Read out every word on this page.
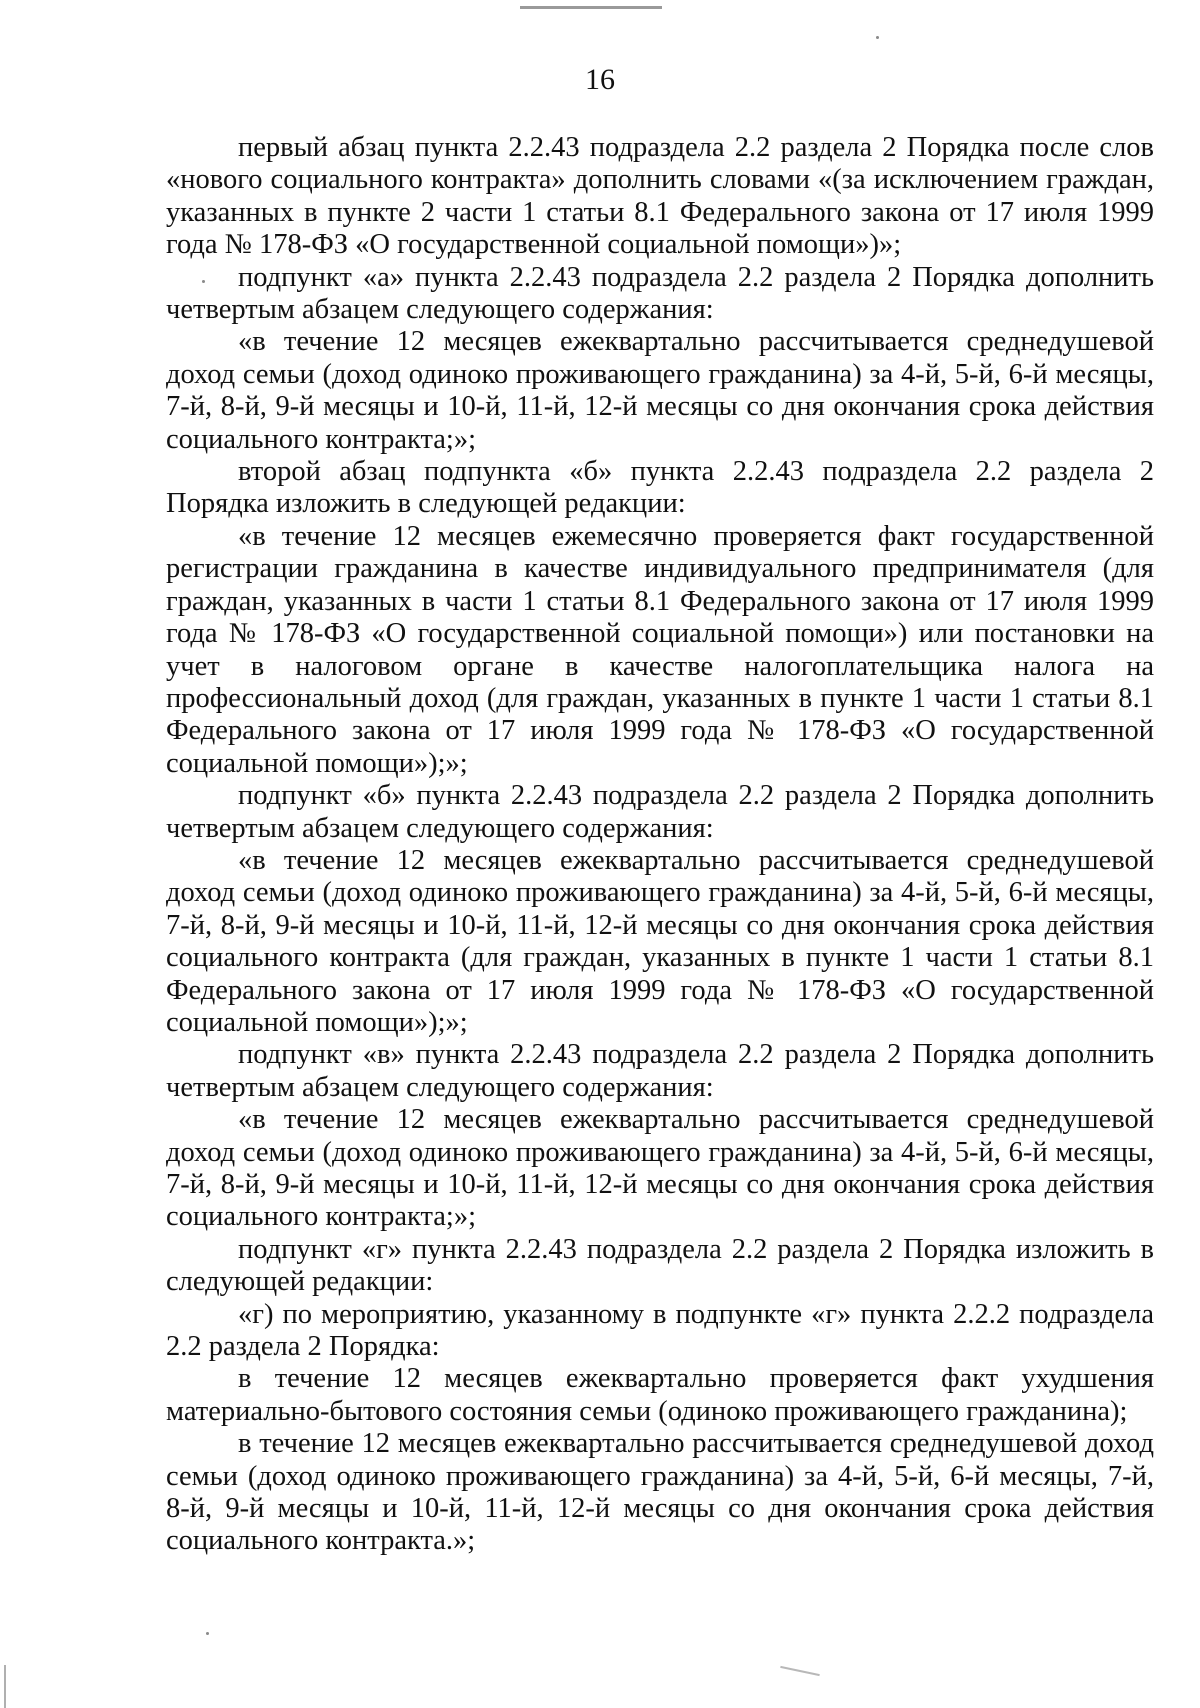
16

первый абзац пункта 2.2.43 подраздела 2.2 раздела 2 Порядка после слов «нового социального контракта» дополнить словами «(за исключением граждан, указанных в пункте 2 части 1 статьи 8.1 Федерального закона от 17 июля 1999 года № 178-ФЗ «О государственной социальной помощи»)»;

подпункт «а» пункта 2.2.43 подраздела 2.2 раздела 2 Порядка дополнить четвертым абзацем следующего содержания:

«в течение 12 месяцев ежеквартально рассчитывается среднедушевой доход семьи (доход одиноко проживающего гражданина) за 4-й, 5-й, 6-й месяцы, 7-й, 8-й, 9-й месяцы и 10-й, 11-й, 12-й месяцы со дня окончания срока действия социального контракта;»;

второй абзац подпункта «б» пункта 2.2.43 подраздела 2.2 раздела 2 Порядка изложить в следующей редакции:

«в течение 12 месяцев ежемесячно проверяется факт государственной регистрации гражданина в качестве индивидуального предпринимателя (для граждан, указанных в части 1 статьи 8.1 Федерального закона от 17 июля 1999 года № 178-ФЗ «О государственной социальной помощи») или постановки на учет в налоговом органе в качестве налогоплательщика налога на профессиональный доход (для граждан, указанных в пункте 1 части 1 статьи 8.1 Федерального закона от 17 июля 1999 года № 178-ФЗ «О государственной социальной помощи»);»;

подпункт «б» пункта 2.2.43 подраздела 2.2 раздела 2 Порядка дополнить четвертым абзацем следующего содержания:

«в течение 12 месяцев ежеквартально рассчитывается среднедушевой доход семьи (доход одиноко проживающего гражданина) за 4-й, 5-й, 6-й месяцы, 7-й, 8-й, 9-й месяцы и 10-й, 11-й, 12-й месяцы со дня окончания срока действия социального контракта (для граждан, указанных в пункте 1 части 1 статьи 8.1 Федерального закона от 17 июля 1999 года № 178-ФЗ «О государственной социальной помощи»);»;

подпункт «в» пункта 2.2.43 подраздела 2.2 раздела 2 Порядка дополнить четвертым абзацем следующего содержания:

«в течение 12 месяцев ежеквартально рассчитывается среднедушевой доход семьи (доход одиноко проживающего гражданина) за 4-й, 5-й, 6-й месяцы, 7-й, 8-й, 9-й месяцы и 10-й, 11-й, 12-й месяцы со дня окончания срока действия социального контракта;»;

подпункт «г» пункта 2.2.43 подраздела 2.2 раздела 2 Порядка изложить в следующей редакции:

«г) по мероприятию, указанному в подпункте «г» пункта 2.2.2 подраздела 2.2 раздела 2 Порядка:

в течение 12 месяцев ежеквартально проверяется факт ухудшения материально-бытового состояния семьи (одиноко проживающего гражданина);

в течение 12 месяцев ежеквартально рассчитывается среднедушевой доход семьи (доход одиноко проживающего гражданина) за 4-й, 5-й, 6-й месяцы, 7-й, 8-й, 9-й месяцы и 10-й, 11-й, 12-й месяцы со дня окончания срока действия социального контракта.»;
